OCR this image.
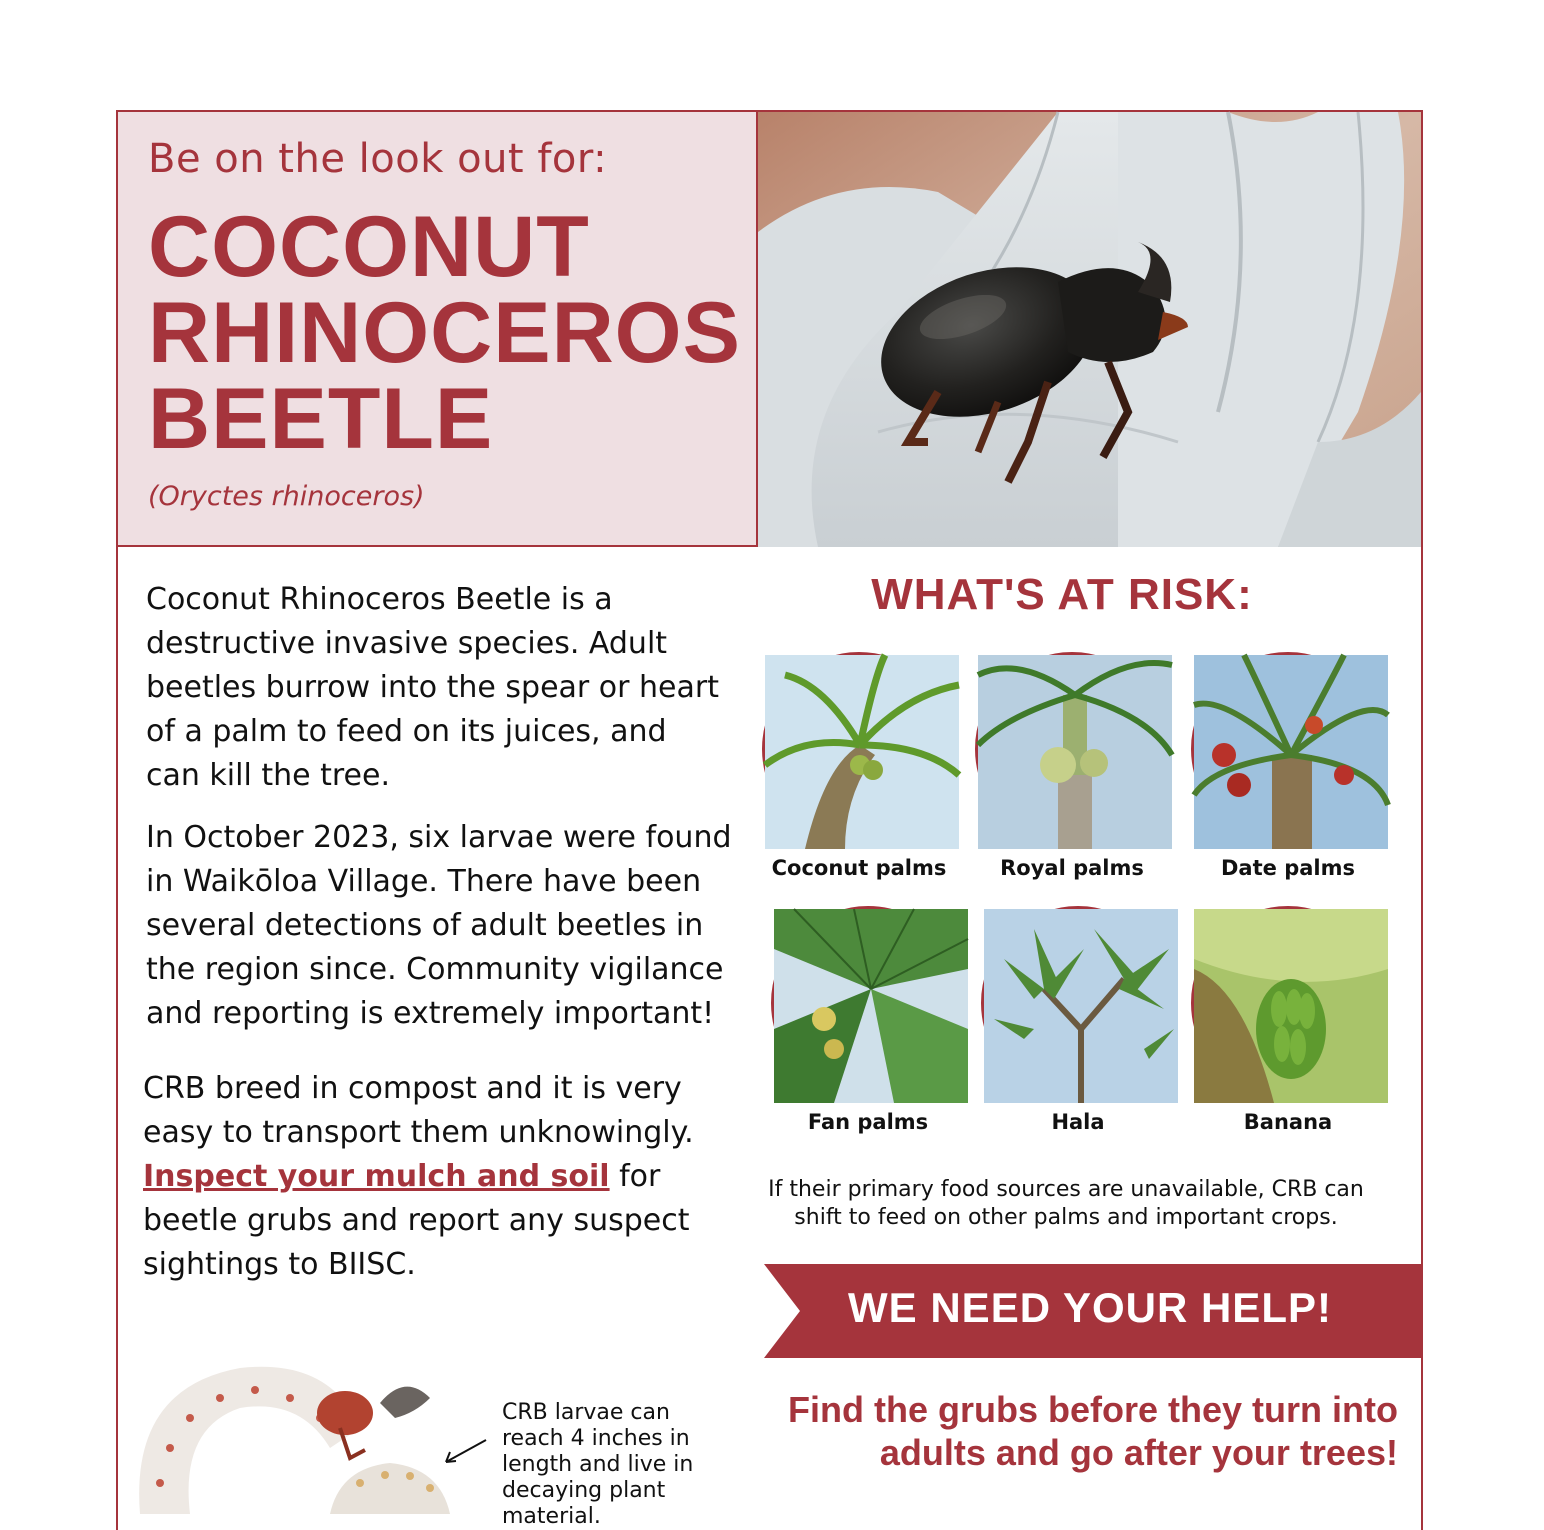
Be on the look out for:
COCONUT
RHINOCEROS
BEETLE
(Oryctes rhinoceros)
Coconut Rhinoceros Beetle is a destructive invasive species. Adult beetles burrow into the spear or heart of a palm to feed on its juices, and can kill the tree.
In October 2023, six larvae were found in Waikōloa Village. There have been several detections of adult beetles in the region since. Community vigilance and reporting is extremely important!
CRB breed in compost and it is very easy to transport them unknowingly. Inspect your mulch and soil for beetle grubs and report any suspect sightings to BIISC.
WHAT'S AT RISK:
Coconut palms	Royal palms	Date palms
Fan palms	Hala	Banana
If their primary food sources are unavailable, CRB can shift to feed on other palms and important crops.
WE NEED YOUR HELP!
Find the grubs before they turn into adults and go after your trees!
CRB larvae can reach 4 inches in length and live in decaying plant material.
